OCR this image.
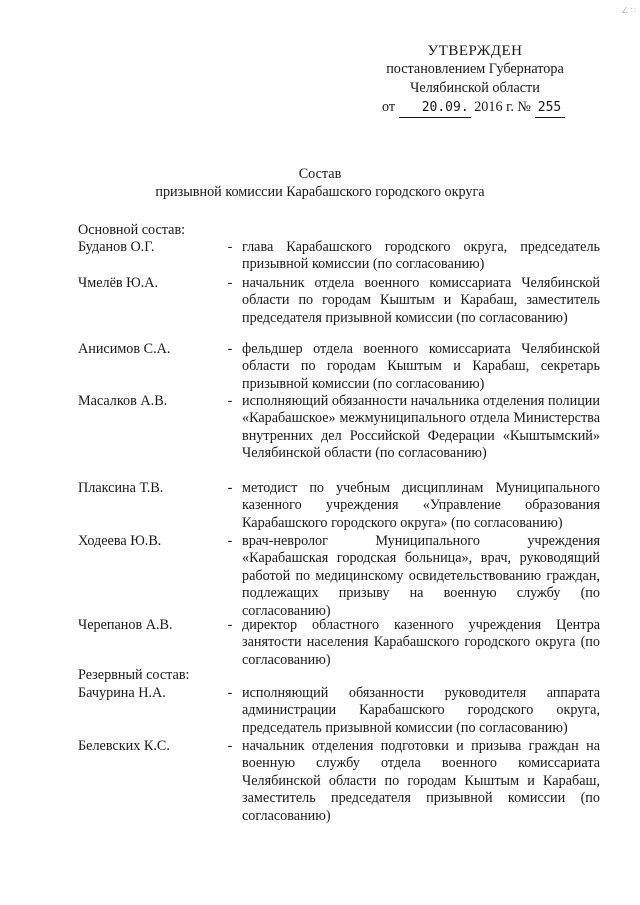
∠ ∷
УТВЕРЖДЕН
постановлением Губернатора
Челябинской области
от 20.09. 2016 г. № 255
Состав
призывной комиссии Карабашского городского округа
Основной состав:
Буданов О.Г.	- глава Карабашского городского округа, председатель призывной комиссии (по согласованию)
Чмелёв Ю.А.	- начальник отдела военного комиссариата Челябинской области по городам Кыштым и Карабаш, заместитель председателя призывной комиссии (по согласованию)
Анисимов С.А.	- фельдшер отдела военного комиссариата Челябинской области по городам Кыштым и Карабаш, секретарь призывной комиссии (по согласованию)
Масалков А.В.	- исполняющий обязанности начальника отделения полиции «Карабашское» межмуниципального отдела Министерства внутренних дел Российской Федерации «Кыштымский» Челябинской области (по согласованию)
Плаксина Т.В.	- методист по учебным дисциплинам Муниципального казенного учреждения «Управление образования Карабашского городского округа» (по согласованию)
Ходеева Ю.В.	- врач-невролог Муниципального учреждения «Карабашская городская больница», врач, руководящий работой по медицинскому освидетельствованию граждан, подлежащих призыву на военную службу (по согласованию)
Черепанов А.В.	- директор областного казенного учреждения Центра занятости населения Карабашского городского округа (по согласованию)
Резервный состав:
Бачурина Н.А.	- исполняющий обязанности руководителя аппарата администрации Карабашского городского округа, председатель призывной комиссии (по согласованию)
Белевских К.С.	- начальник отделения подготовки и призыва граждан на военную службу отдела военного комиссариата Челябинской области по городам Кыштым и Карабаш, заместитель председателя призывной комиссии (по согласованию)
